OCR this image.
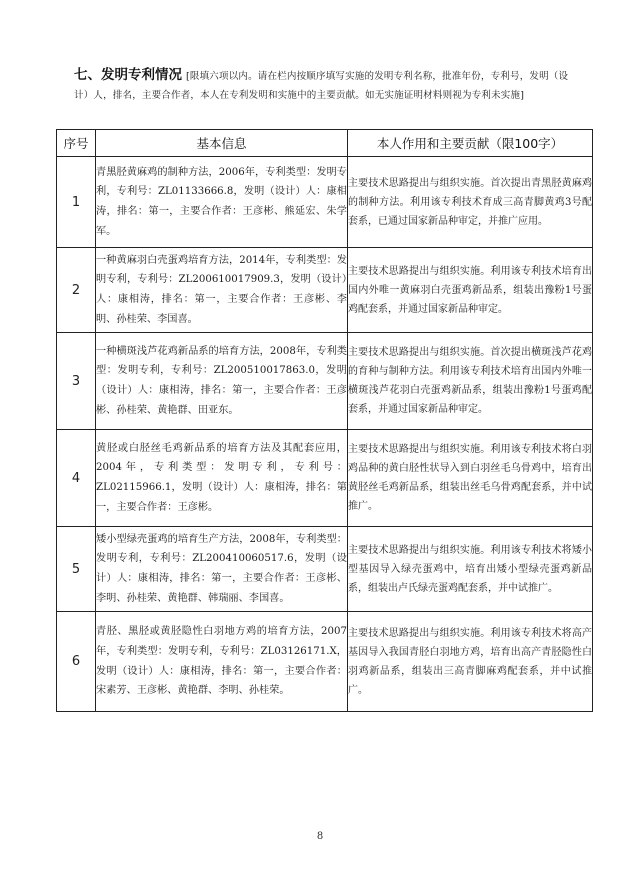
七、发明专利情况 [限填六项以内。请在栏内按顺序填写实施的发明专利名称，批准年份，专利号，发明（设计）人，排名，主要合作者，本人在专利发明和实施中的主要贡献。如无实施证明材料则视为专利未实施]
序号	基本信息	本人作用和主要贡献（限100字）
1	青黑胫黄麻鸡的制种方法，2006年，专利类型：发明专利，专利号：ZL01133666.8，发明（设计）人：康相涛，排名：第一，主要合作者：王彦彬、熊延宏、朱学军。	主要技术思路提出与组织实施。首次提出青黑胫黄麻鸡的制种方法。利用该专利技术育成三高青脚黄鸡3号配套系，已通过国家新品种审定，并推广应用。
2	一种黄麻羽白壳蛋鸡培育方法，2014年，专利类型：发明专利，专利号：ZL200610017909.3，发明（设计）人：康相涛，排名：第一，主要合作者：王彦彬、李明、孙桂荣、李国喜。	主要技术思路提出与组织实施。利用该专利技术培育出国内外唯一黄麻羽白壳蛋鸡新品系，组装出豫粉1号蛋鸡配套系，并通过国家新品种审定。
3	一种横斑浅芦花鸡新品系的培育方法，2008年，专利类型：发明专利，专利号：ZL200510017863.0，发明（设计）人：康相涛，排名：第一，主要合作者：王彦彬、孙桂荣、黄艳群、田亚东。	主要技术思路提出与组织实施。首次提出横斑浅芦花鸡的育种与制种方法。利用该专利技术培育出国内外唯一横斑浅芦花羽白壳蛋鸡新品系，组装出豫粉1号蛋鸡配套系，并通过国家新品种审定。
4	黄胫或白胫丝毛鸡新品系的培育方法及其配套应用，2004年，专利类型：发明专利，专利号：ZL02115966.1，发明（设计）人：康相涛，排名：第一，主要合作者：王彦彬。	主要技术思路提出与组织实施。利用该专利技术将白羽鸡品种的黄白胫性状导入到白羽丝毛乌骨鸡中，培育出黄胫丝毛鸡新品系，组装出丝毛乌骨鸡配套系，并中试推广。
5	矮小型绿壳蛋鸡的培育生产方法，2008年，专利类型：发明专利，专利号：ZL200410060517.6，发明（设计）人：康相涛，排名：第一，主要合作者：王彦彬、李明、孙桂荣、黄艳群、韩瑞丽、李国喜。	主要技术思路提出与组织实施。利用该专利技术将矮小型基因导入绿壳蛋鸡中，培育出矮小型绿壳蛋鸡新品系，组装出卢氏绿壳蛋鸡配套系，并中试推广。
6	青胫、黑胫或黄胫隐性白羽地方鸡的培育方法，2007年，专利类型：发明专利，专利号：ZL03126171.X，发明（设计）人：康相涛，排名：第一，主要合作者：宋素芳、王彦彬、黄艳群、李明、孙桂荣。	主要技术思路提出与组织实施。利用该专利技术将高产基因导入我国青胫白羽地方鸡，培育出高产青胫隐性白羽鸡新品系，组装出三高青脚麻鸡配套系，并中试推广。
8
